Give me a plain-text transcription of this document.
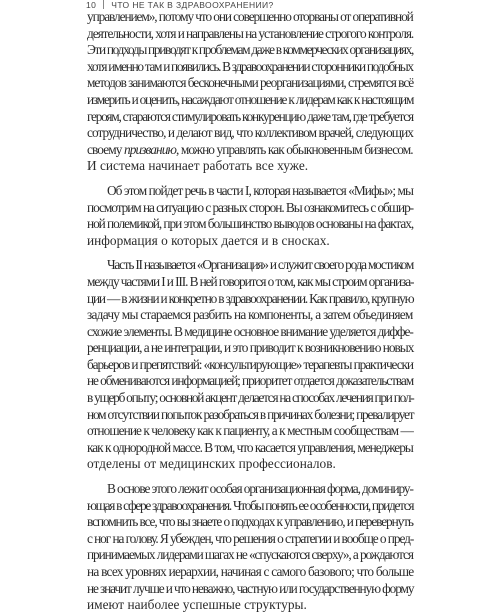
10 ЧТО НЕ ТАК В ЗДРАВООХРАНЕНИИ?
управлением», потому что они совершенно оторваны от оперативной
деятельности, хотя и направлены на установление строгого контроля.
Эти подходы приводят к проблемам даже в коммерческих организациях,
хотя именно там и появились. В здравоохранении сторонники подобных
методов занимаются бесконечными реорганизациями, стремятся всё
измерить и оценить, насаждают отношение к лидерам как к настоящим
героям, стараются стимулировать конкуренцию даже там, где требуется
сотрудничество, и делают вид, что коллективом врачей, следующих
своему призванию, можно управлять как обыкновенным бизнесом.
И система начинает работать все хуже.
Об этом пойдет речь в части I, которая называется «Мифы»; мы
посмотрим на ситуацию с разных сторон. Вы ознакомитесь с обшир-
ной полемикой, при этом большинство выводов основаны на фактах,
информация о которых дается и в сносках.
Часть II называется «Организация» и служит своего рода мостиком
между частями I и III. В ней говорится о том, как мы строим организа-
ции — в жизни и конкретно в здравоохранении. Как правило, крупную
задачу мы стараемся разбить на компоненты, а затем объединяем
схожие элементы. В медицине основное внимание уделяется диффе-
ренциации, а не интеграции, и это приводит к возникновению новых
барьеров и препятствий: «консультирующие» терапевты практически
не обмениваются информацией; приоритет отдается доказательствам
в ущерб опыту; основной акцент делается на способах лечения при пол-
ном отсутствии попыток разобраться в причинах болезни; превалирует
отношение к человеку как к пациенту, а к местным сообществам —
как к однородной массе. В том, что касается управления, менеджеры
отделены от медицинских профессионалов.
В основе этого лежит особая организационная форма, доминиру-
ющая в сфере здравоохранения. Чтобы понять ее особенности, придется
вспомнить все, что вы знаете о подходах к управлению, и перевернуть
с ног на голову. Я убежден, что решения о стратегии и вообще о пред-
принимаемых лидерами шагах не «спускаются сверху», а рождаются
на всех уровнях иерархии, начиная с самого базового; что больше
не значит лучше и что неважно, частную или государственную форму
имеют наиболее успешные структуры.
